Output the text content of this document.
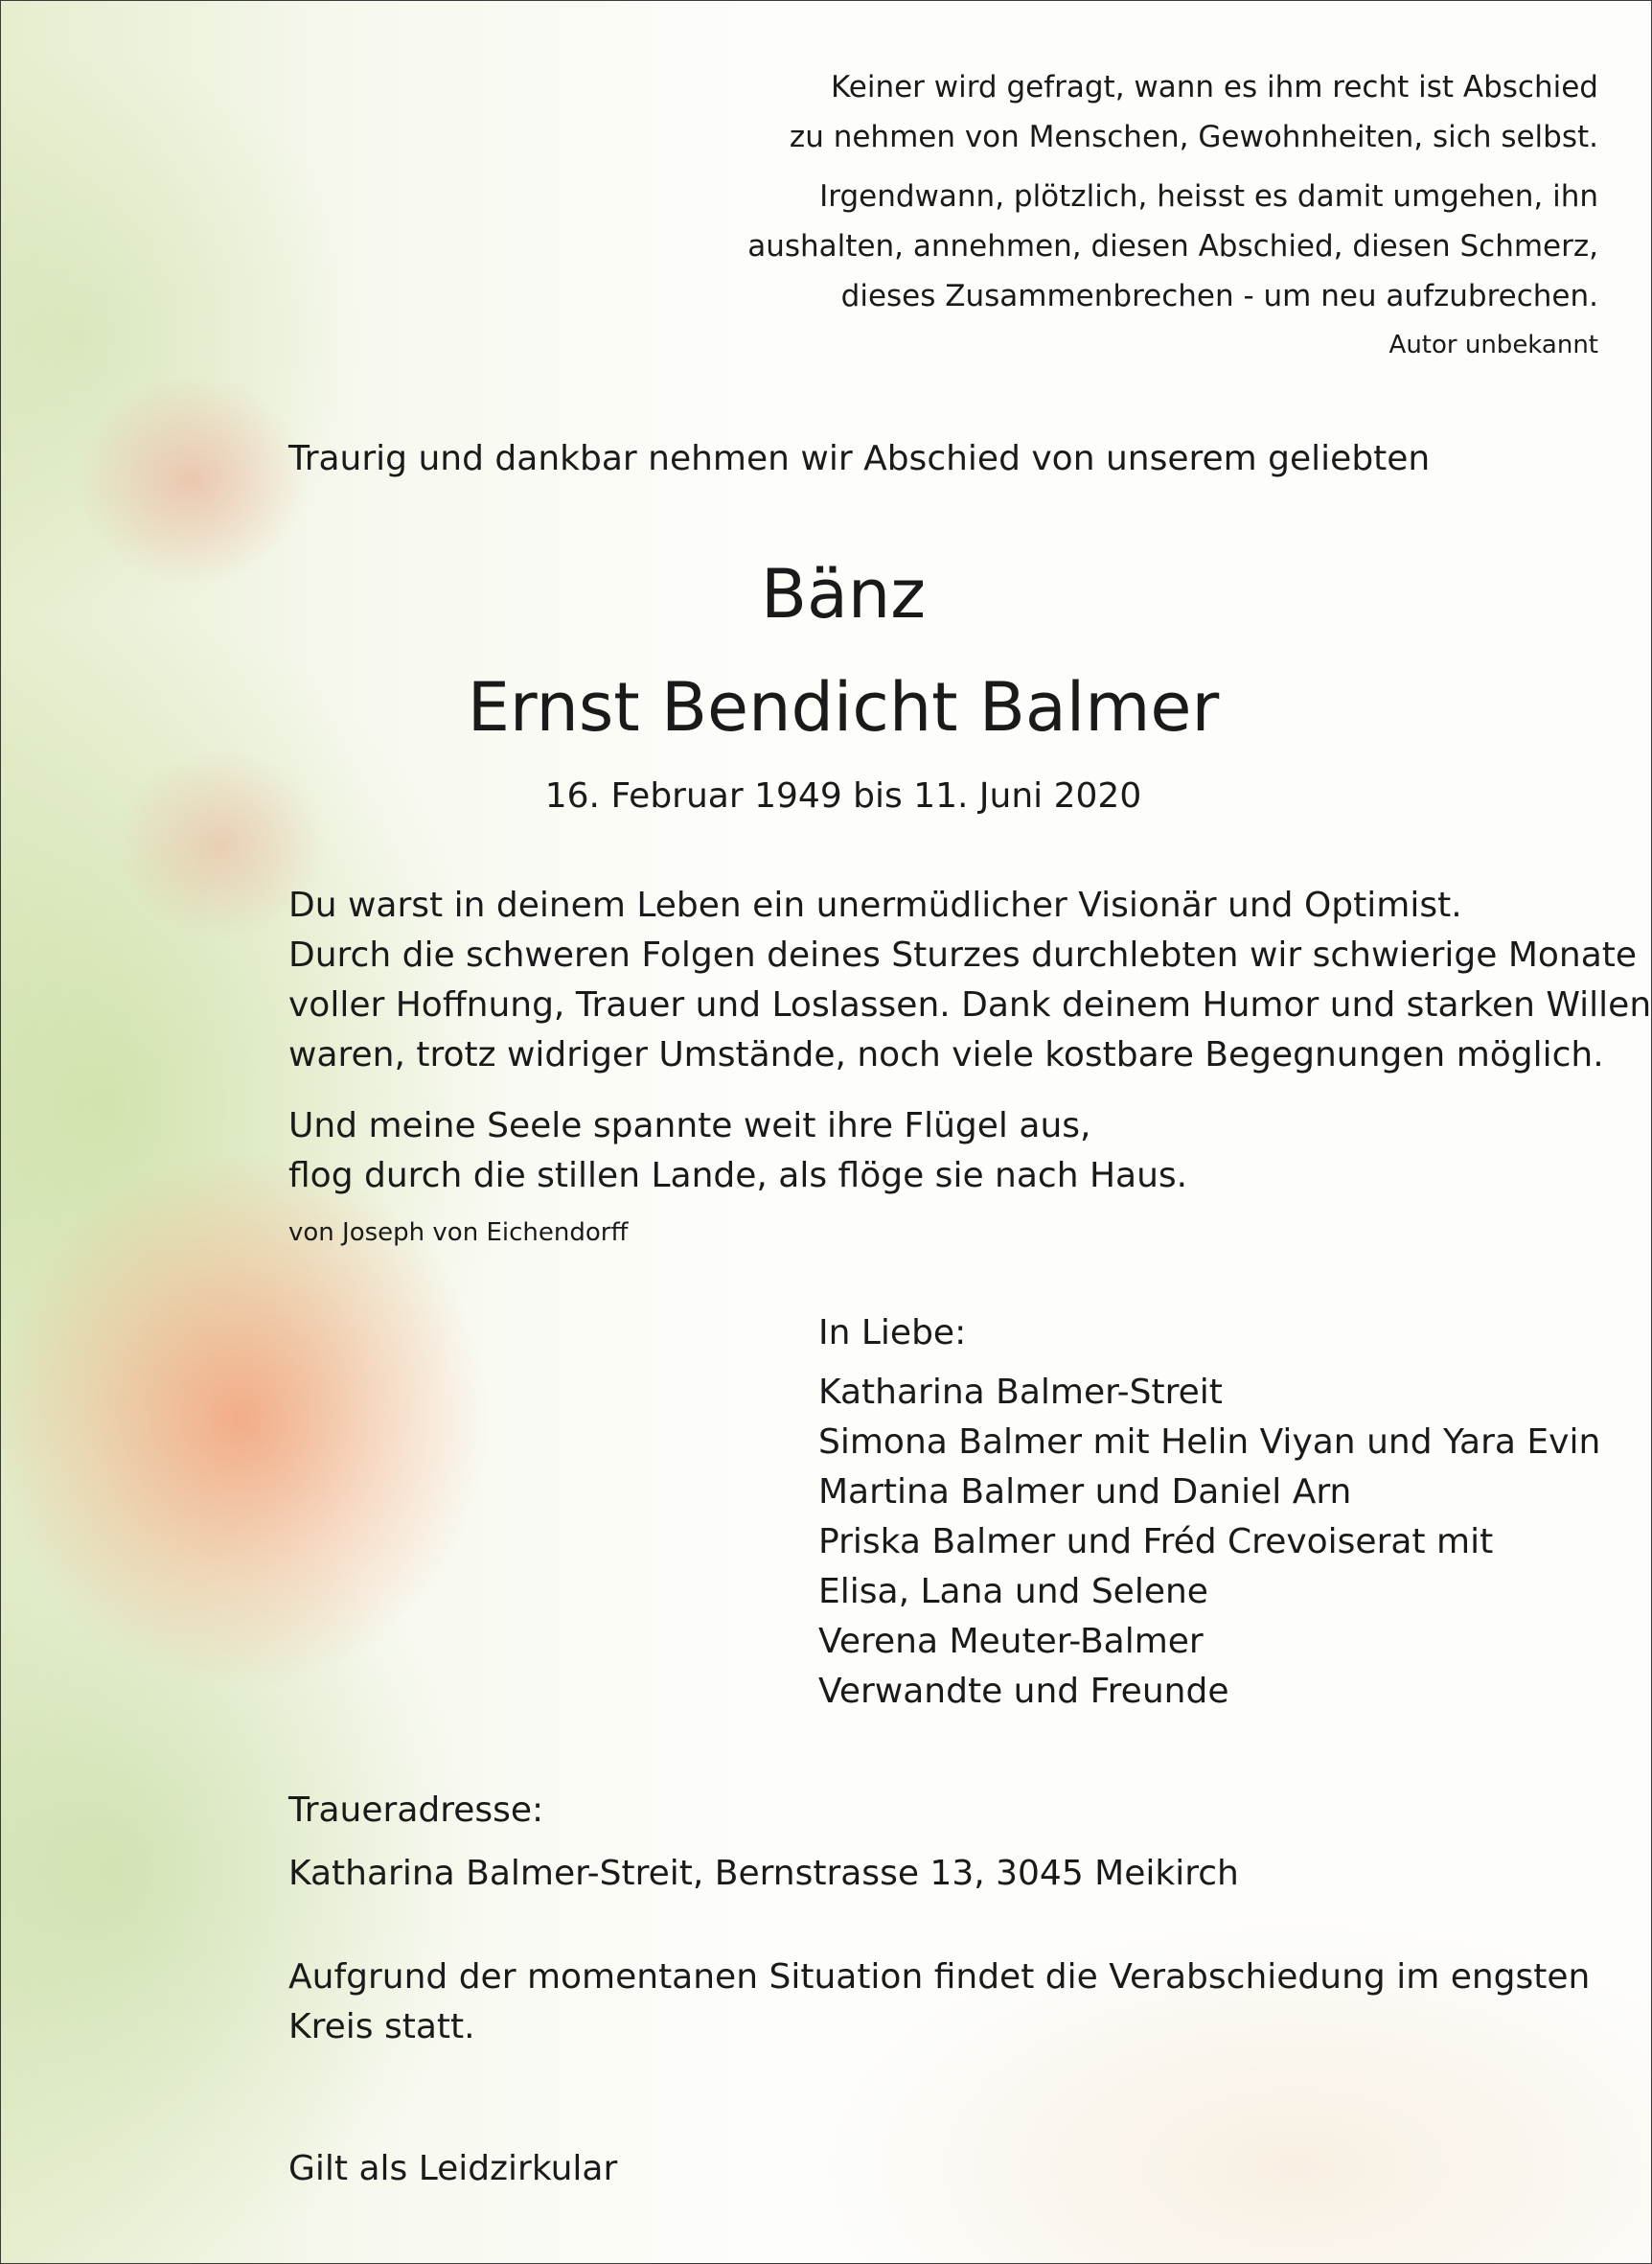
Keiner wird gefragt, wann es ihm recht ist Abschied
zu nehmen von Menschen, Gewohnheiten, sich selbst.
Irgendwann, plötzlich, heisst es damit umgehen, ihn
aushalten, annehmen, diesen Abschied, diesen Schmerz,
dieses Zusammenbrechen - um neu aufzubrechen.
Autor unbekannt
Traurig und dankbar nehmen wir Abschied von unserem geliebten
Bänz
Ernst Bendicht Balmer
16. Februar 1949 bis 11. Juni 2020
Du warst in deinem Leben ein unermüdlicher Visionär und Optimist.
Durch die schweren Folgen deines Sturzes durchlebten wir schwierige Monate
voller Hoffnung, Trauer und Loslassen. Dank deinem Humor und starken Willen
waren, trotz widriger Umstände, noch viele kostbare Begegnungen möglich.
Und meine Seele spannte weit ihre Flügel aus,
flog durch die stillen Lande, als flöge sie nach Haus.
von Joseph von Eichendorff
In Liebe:
Katharina Balmer-Streit
Simona Balmer mit Helin Viyan und Yara Evin
Martina Balmer und Daniel Arn
Priska Balmer und Fréd Crevoiserat mit
Elisa, Lana und Selene
Verena Meuter-Balmer
Verwandte und Freunde
Traueradresse:
Katharina Balmer-Streit, Bernstrasse 13, 3045 Meikirch
Aufgrund der momentanen Situation findet die Verabschiedung im engsten
Kreis statt.
Gilt als Leidzirkular
